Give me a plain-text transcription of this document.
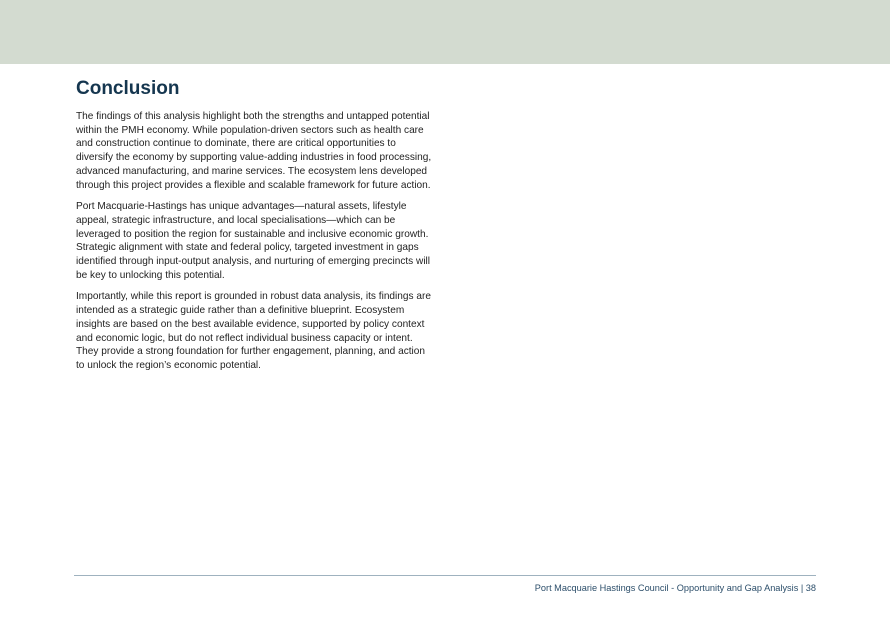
Conclusion

The findings of this analysis highlight both the strengths and untapped potential within the PMH economy. While population-driven sectors such as health care and construction continue to dominate, there are critical opportunities to diversify the economy by supporting value-adding industries in food processing, advanced manufacturing, and marine services. The ecosystem lens developed through this project provides a flexible and scalable framework for future action.

Port Macquarie-Hastings has unique advantages—natural assets, lifestyle appeal, strategic infrastructure, and local specialisations—which can be leveraged to position the region for sustainable and inclusive economic growth. Strategic alignment with state and federal policy, targeted investment in gaps identified through input-output analysis, and nurturing of emerging precincts will be key to unlocking this potential.

Importantly, while this report is grounded in robust data analysis, its findings are intended as a strategic guide rather than a definitive blueprint. Ecosystem insights are based on the best available evidence, supported by policy context and economic logic, but do not reflect individual business capacity or intent. They provide a strong foundation for further engagement, planning, and action to unlock the region’s economic potential.

Port Macquarie Hastings Council - Opportunity and Gap Analysis | 38
